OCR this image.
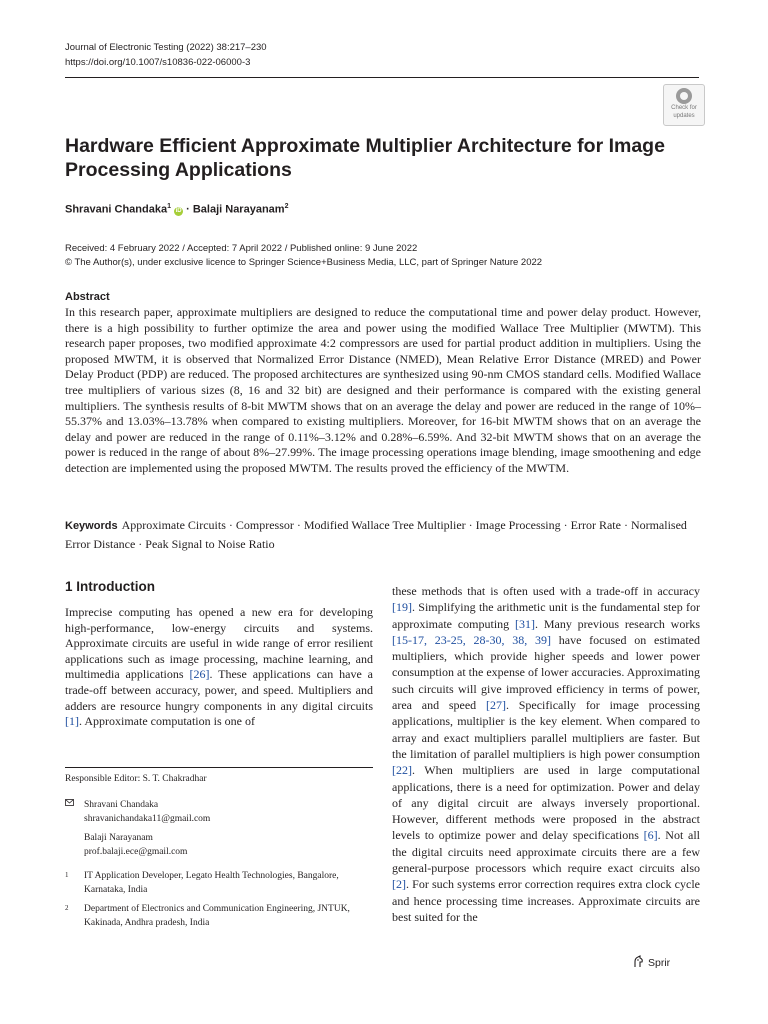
Journal of Electronic Testing (2022) 38:217–230
https://doi.org/10.1007/s10836-022-06000-3
Check for
updates
Hardware Efficient Approximate Multiplier Architecture for Image Processing Applications
Shravani Chandaka$^1$ iD · Balaji Narayanam$^2$
Received: 4 February 2022 / Accepted: 7 April 2022 / Published online: 9 June 2022
© The Author(s), under exclusive licence to Springer Science+Business Media, LLC, part of Springer Nature 2022
Abstract
In this research paper, approximate multipliers are designed to reduce the computational time and power delay product. However, there is a high possibility to further optimize the area and power using the modified Wallace Tree Multiplier (MWTM). This research paper proposes, two modified approximate 4:2 compressors are used for partial product addition in multipliers. Using the proposed MWTM, it is observed that Normalized Error Distance (NMED), Mean Relative Error Distance (MRED) and Power Delay Product (PDP) are reduced. The proposed architectures are synthesized using 90-nm CMOS standard cells. Modified Wallace tree multipliers of various sizes (8, 16 and 32 bit) are designed and their performance is compared with the existing general multipliers. The synthesis results of 8-bit MWTM shows that on an average the delay and power are reduced in the range of 10%–55.37% and 13.03%–13.78% when compared to existing multipliers. Moreover, for 16-bit MWTM shows that on an average the delay and power are reduced in the range of 0.11%–3.12% and 0.28%–6.59%. And 32-bit MWTM shows that on an average the power is reduced in the range of about 8%–27.99%. The image processing operations image blending, image smoothening and edge detection are implemented using the proposed MWTM. The results proved the efficiency of the MWTM.
Keywords Approximate Circuits · Compressor · Modified Wallace Tree Multiplier · Image Processing · Error Rate · Normalised Error Distance · Peak Signal to Noise Ratio
1 Introduction
Imprecise computing has opened a new era for developing high-performance, low-energy circuits and systems. Approximate circuits are useful in wide range of error resilient applications such as image processing, machine learning, and multimedia applications [26]. These applications can have a trade-off between accuracy, power, and speed. Multipliers and adders are resource hungry components in any digital circuits [1]. Approximate computation is one of
these methods that is often used with a trade-off in accuracy [19]. Simplifying the arithmetic unit is the fundamental step for approximate computing [31]. Many previous research works [15-17, 23-25, 28-30, 38, 39] have focused on estimated multipliers, which provide higher speeds and lower power consumption at the expense of lower accuracies. Approximating such circuits will give improved efficiency in terms of power, area and speed [27]. Specifically for image processing applications, multiplier is the key element. When compared to array and exact multipliers parallel multipliers are faster. But the limitation of parallel multipliers is high power consumption [22]. When multipliers are used in large computational applications, there is a need for optimization. Power and delay of any digital circuit are always inversely proportional. However, different methods were proposed in the abstract levels to optimize power and delay specifications [6]. Not all the digital circuits need approximate circuits there are a few general-purpose processors which require exact circuits also [2]. For such systems error correction requires extra clock cycle and hence processing time increases. Approximate circuits are best suited for the
Responsible Editor: S. T. Chakradhar
Shravani Chandaka
shravanichandaka11@gmail.com
Balaji Narayanam
prof.balaji.ece@gmail.com
1 IT Application Developer, Legato Health Technologies, Bangalore, Karnataka, India
2 Department of Electronics and Communication Engineering, JNTUK, Kakinada, Andhra pradesh, India
Sprir
